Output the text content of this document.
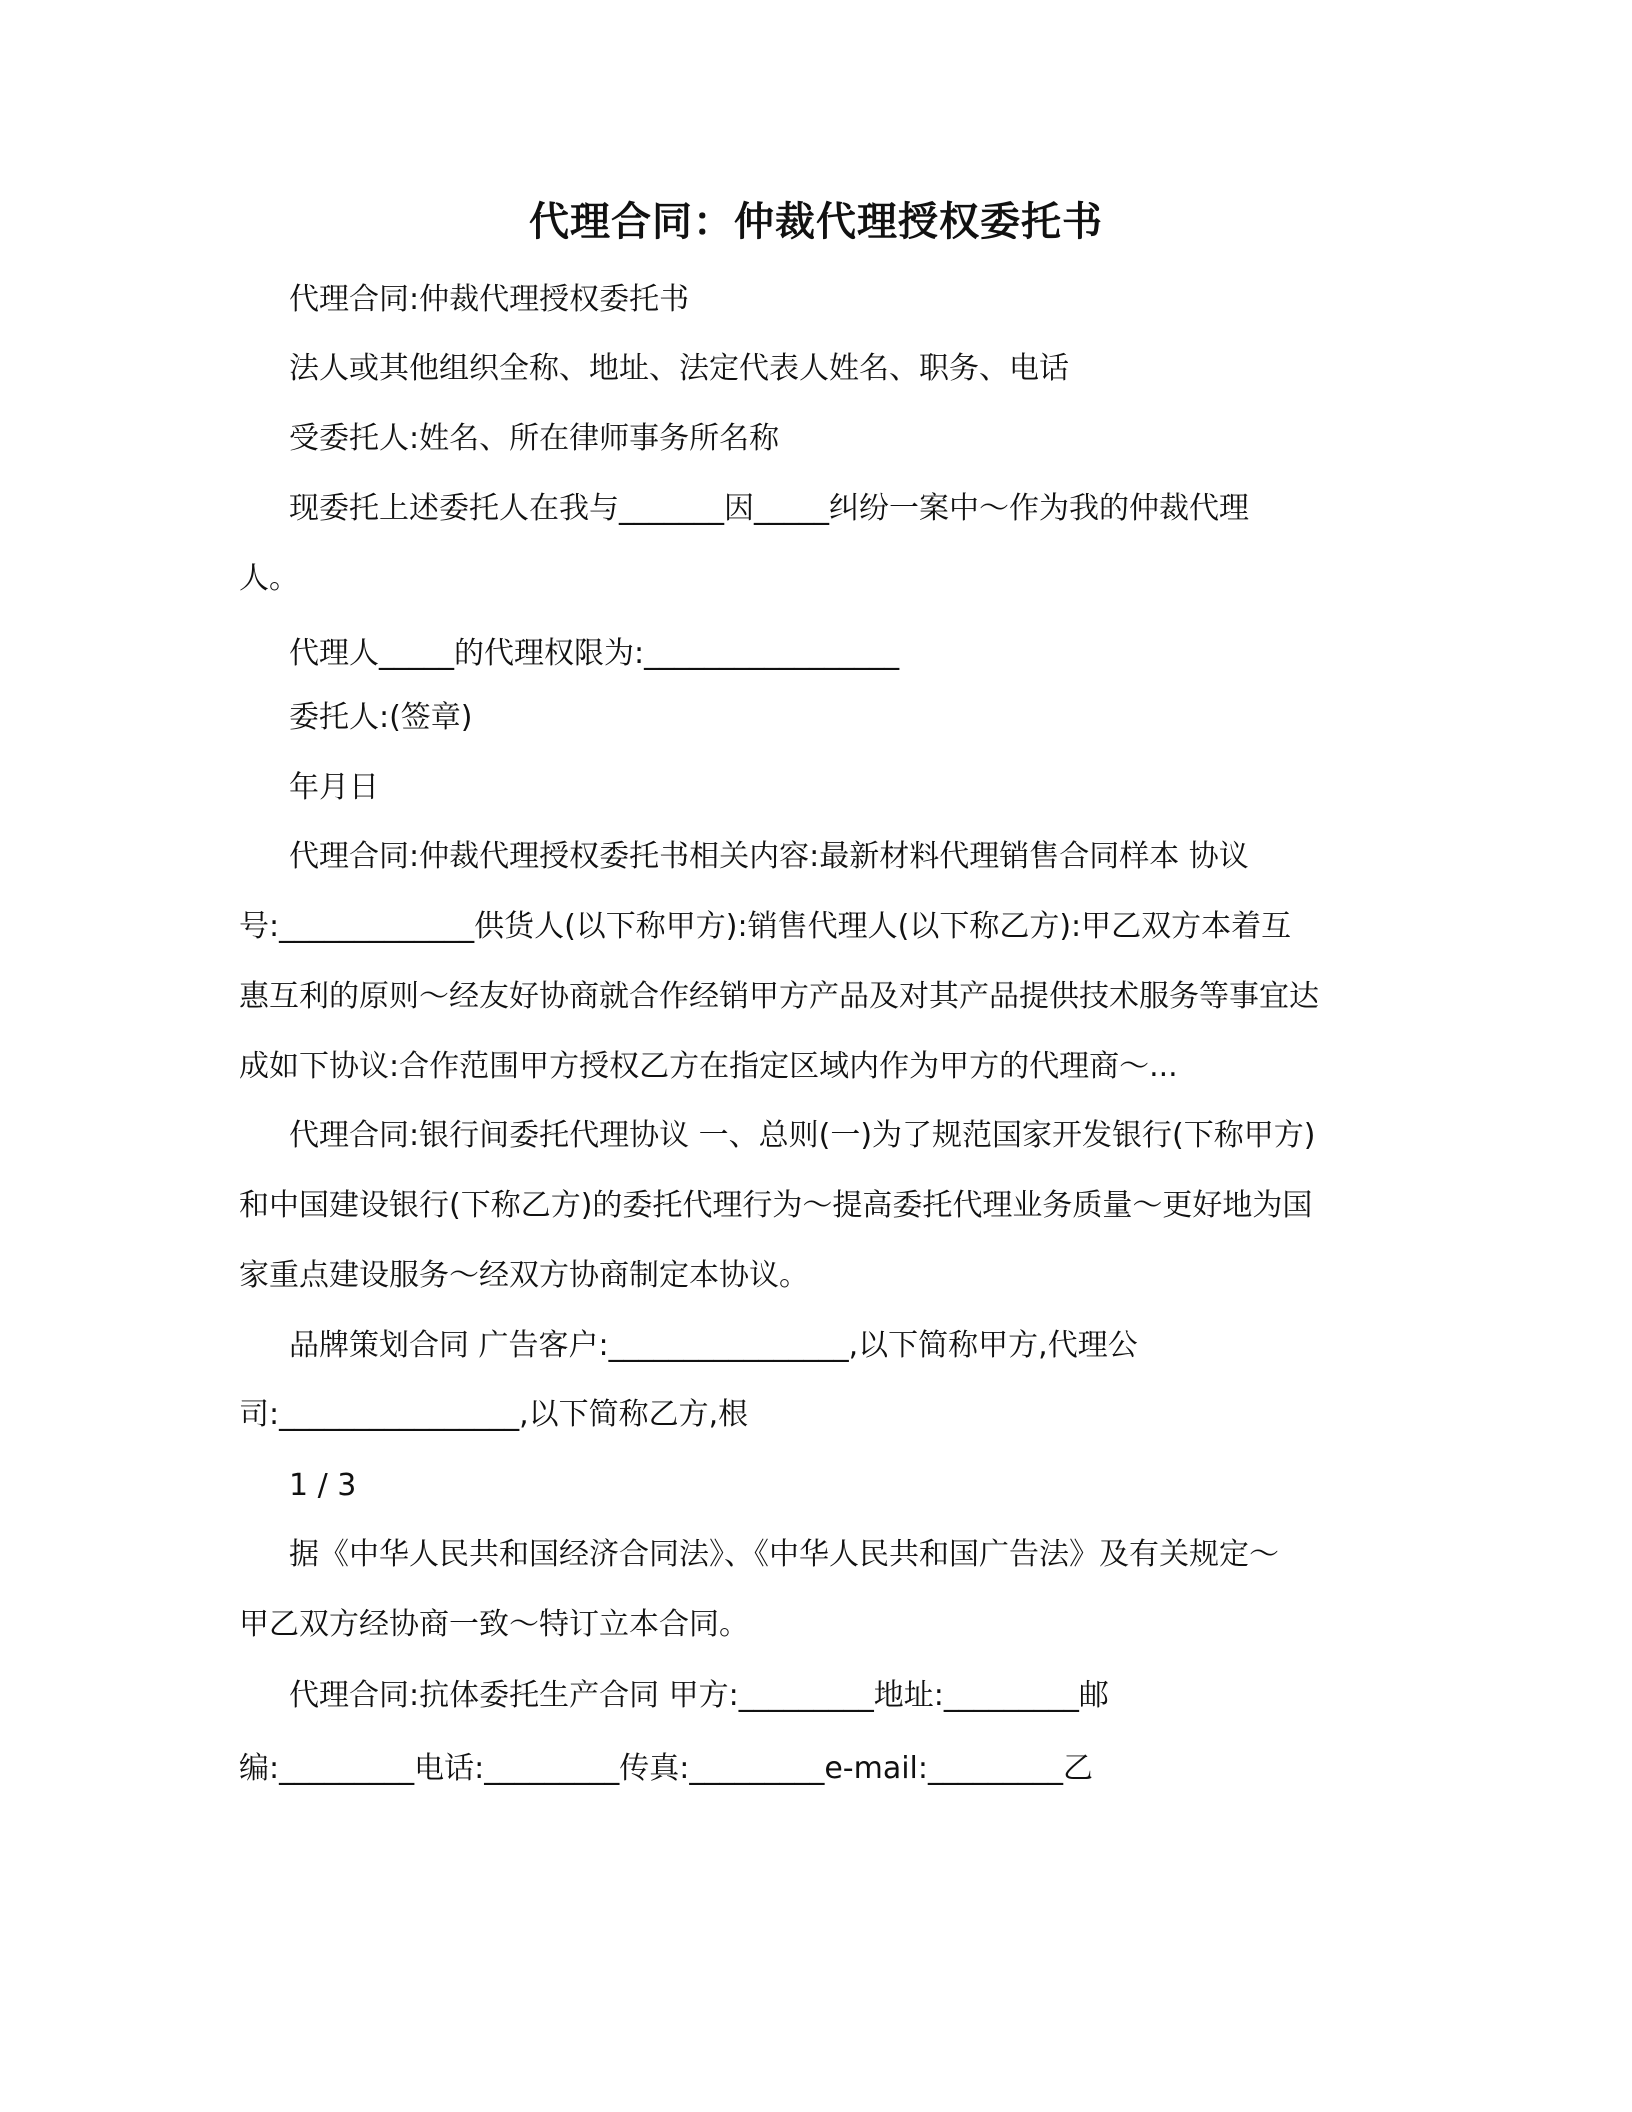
代理合同：仲裁代理授权委托书
代理合同:仲裁代理授权委托书
法人或其他组织全称、地址、法定代表人姓名、职务、电话
受委托人:姓名、所在律师事务所名称
现委托上述委托人在我与_______因_____纠纷一案中～作为我的仲裁代理
人。
代理人_____的代理权限为:_________________
委托人:(签章)
年月日
代理合同:仲裁代理授权委托书相关内容:最新材料代理销售合同样本 协议
号:_____________供货人(以下称甲方):销售代理人(以下称乙方):甲乙双方本着互
惠互利的原则～经友好协商就合作经销甲方产品及对其产品提供技术服务等事宜达
成如下协议:合作范围甲方授权乙方在指定区域内作为甲方的代理商～...
代理合同:银行间委托代理协议 一、总则(一)为了规范国家开发银行(下称甲方)
和中国建设银行(下称乙方)的委托代理行为～提高委托代理业务质量～更好地为国
家重点建设服务～经双方协商制定本协议。
品牌策划合同 广告客户:________________,以下简称甲方,代理公
司:________________,以下简称乙方,根
1 / 3
据《中华人民共和国经济合同法》、《中华人民共和国广告法》及有关规定～
甲乙双方经协商一致～特订立本合同。
代理合同:抗体委托生产合同 甲方:_________地址:_________邮
编:_________电话:_________传真:_________e-mail:_________乙
